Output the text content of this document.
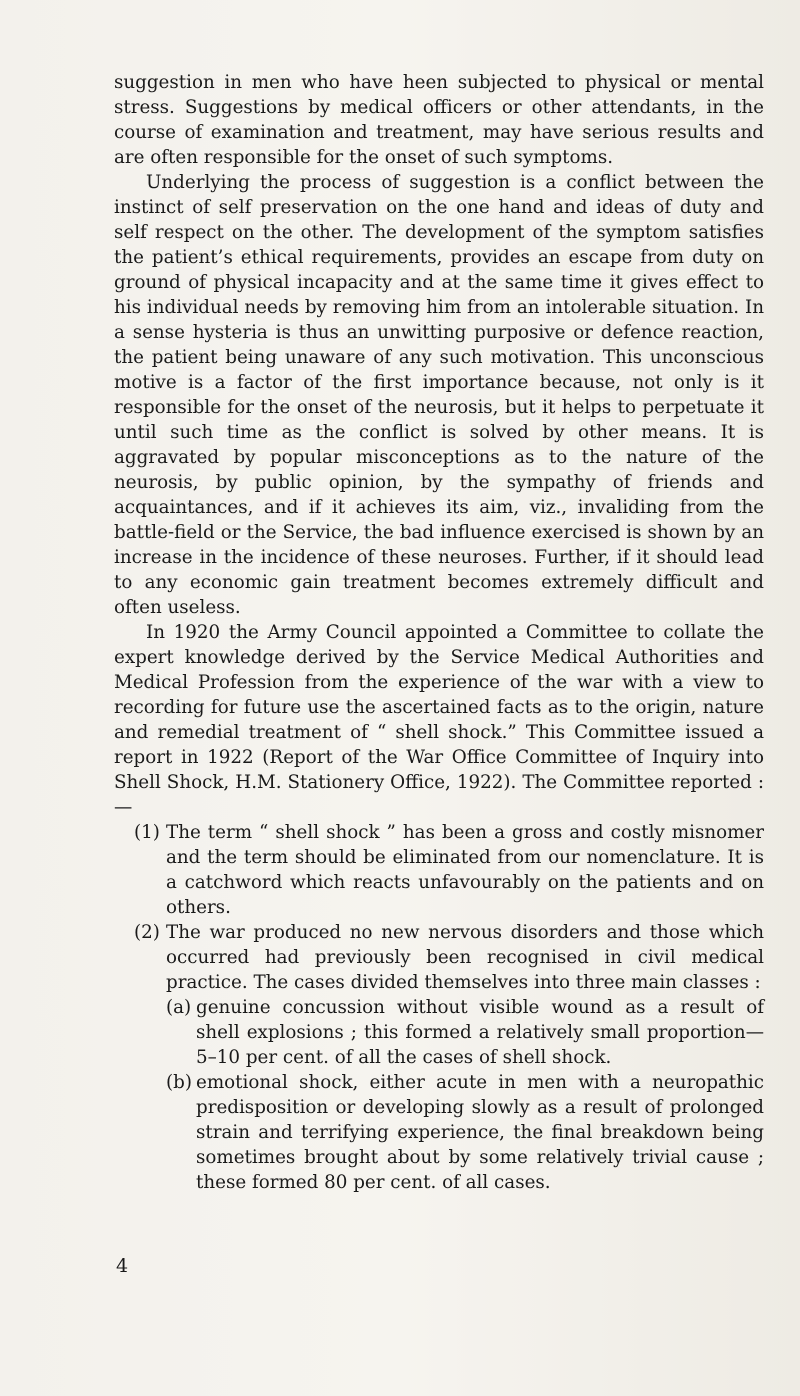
suggestion in men who have heen subjected to physical or mental stress. Suggestions by medical officers or other attendants, in the course of examination and treatment, may have serious results and are often responsible for the onset of such symptoms.

Underlying the process of suggestion is a conflict between the instinct of self preservation on the one hand and ideas of duty and self respect on the other. The development of the symptom satisfies the patient’s ethical requirements, provides an escape from duty on ground of physical incapacity and at the same time it gives effect to his individual needs by removing him from an intolerable situation. In a sense hysteria is thus an unwitting purposive or defence reaction, the patient being unaware of any such motivation. This unconscious motive is a factor of the first importance because, not only is it responsible for the onset of the neurosis, but it helps to perpetuate it until such time as the conflict is solved by other means. It is aggravated by popular misconceptions as to the nature of the neurosis, by public opinion, by the sympathy of friends and acquaintances, and if it achieves its aim, viz., invaliding from the battle-field or the Service, the bad influence exercised is shown by an increase in the incidence of these neuroses. Further, if it should lead to any economic gain treatment becomes extremely difficult and often useless.

In 1920 the Army Council appointed a Committee to collate the expert knowledge derived by the Service Medical Authorities and Medical Profession from the experience of the war with a view to recording for future use the ascertained facts as to the origin, nature and remedial treatment of “ shell shock.” This Committee issued a report in 1922 (Report of the War Office Committee of Inquiry into Shell Shock, H.M. Stationery Office, 1922). The Committee reported :—

(1) The term “ shell shock ” has been a gross and costly misnomer and the term should be eliminated from our nomenclature. It is a catchword which reacts unfavourably on the patients and on others.
(2) The war produced no new nervous disorders and those which occurred had previously been recognised in civil medical practice. The cases divided themselves into three main classes :
(a) genuine concussion without visible wound as a result of shell explosions ; this formed a relatively small proportion—5–10 per cent. of all the cases of shell shock.
(b) emotional shock, either acute in men with a neuropathic predisposition or developing slowly as a result of prolonged strain and terrifying experience, the final breakdown being sometimes brought about by some relatively trivial cause ; these formed 80 per cent. of all cases.
4
